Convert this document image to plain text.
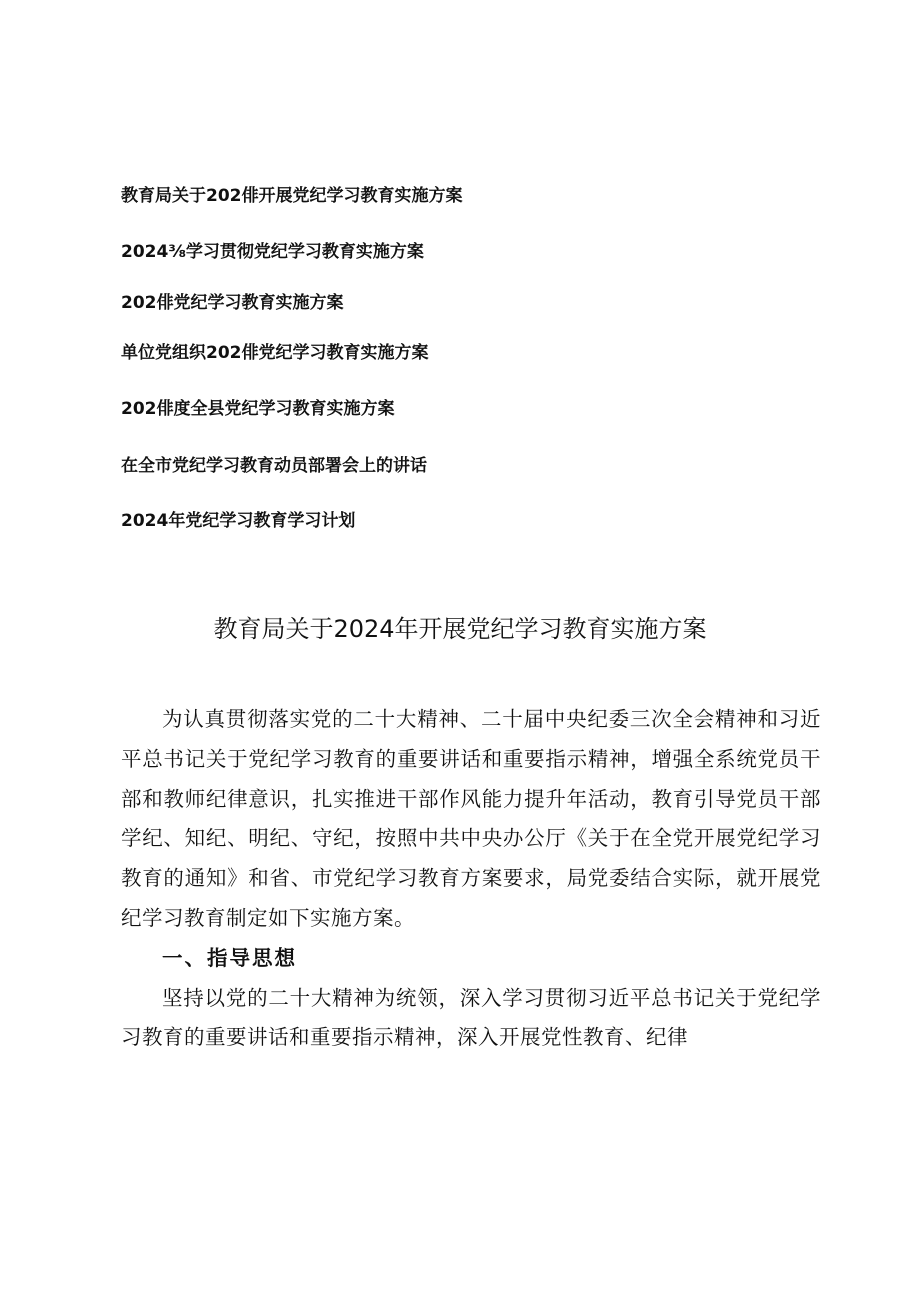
教育局关于202俳开展党纪学习教育实施方案
2024⅜学习贯彻党纪学习教育实施方案
202俳党纪学习教育实施方案
单位党组织202俳党纪学习教育实施方案
202俳度全县党纪学习教育实施方案
在全市党纪学习教育动员部署会上的讲话
2024年党纪学习教育学习计划
教育局关于2024年开展党纪学习教育实施方案

为认真贯彻落实党的二十大精神、二十届中央纪委三次全会精神和习近平总书记关于党纪学习教育的重要讲话和重要指示精神，增强全系统党员干部和教师纪律意识，扎实推进干部作风能力提升年活动，教育引导党员干部学纪、知纪、明纪、守纪，按照中共中央办公厅《关于在全党开展党纪学习教育的通知》和省、市党纪学习教育方案要求，局党委结合实际，就开展党纪学习教育制定如下实施方案。

一、指导思想

坚持以党的二十大精神为统领，深入学习贯彻习近平总书记关于党纪学习教育的重要讲话和重要指示精神，深入开展党性教育、纪律
